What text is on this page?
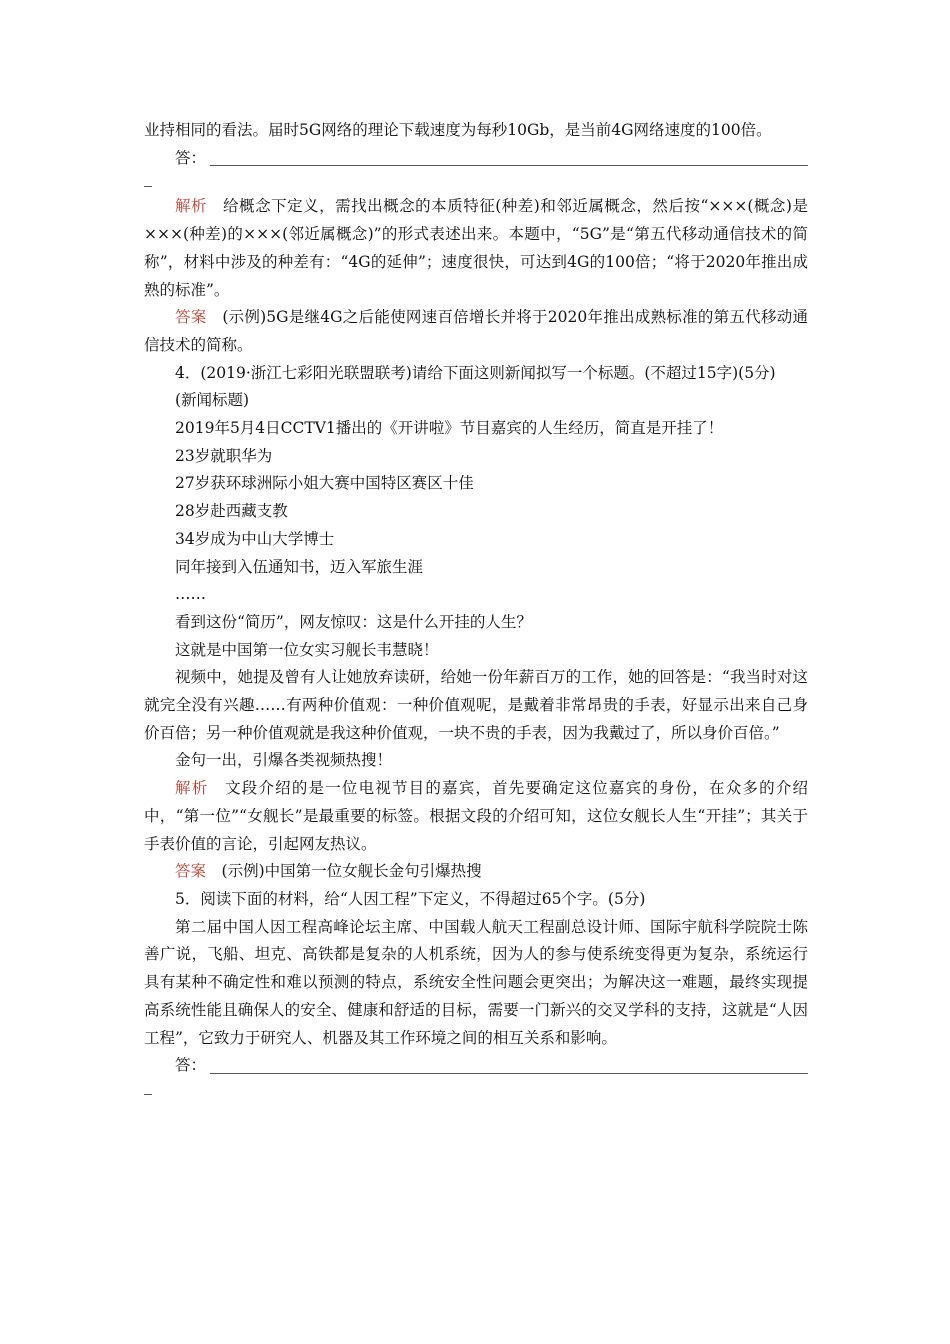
业持相同的看法。届时5G网络的理论下载速度为每秒10Gb，是当前4G网络速度的100倍。

答：

解析　 给概念下定义，需找出概念的本质特征(种差)和邻近属概念，然后按“×××(概念)是×××(种差)的×××(邻近属概念)”的形式表述出来。本题中，“5G”是“第五代移动通信技术的简称”，材料中涉及的种差有：“4G的延伸”；速度很快，可达到4G的100倍；“将于2020年推出成熟的标准”。

答案　 (示例)5G是继4G之后能使网速百倍增长并将于2020年推出成熟标准的第五代移动通信技术的简称。

4．(2019·浙江七彩阳光联盟联考)请给下面这则新闻拟写一个标题。(不超过15字)(5分)

(新闻标题)

2019年5月4日CCTV1播出的《开讲啦》节目嘉宾的人生经历，简直是开挂了！

23岁就职华为

27岁获环球洲际小姐大赛中国特区赛区十佳

28岁赴西藏支教

34岁成为中山大学博士

同年接到入伍通知书，迈入军旅生涯

……

看到这份“简历”，网友惊叹：这是什么开挂的人生？

这就是中国第一位女实习舰长韦慧晓！

视频中，她提及曾有人让她放弃读研，给她一份年薪百万的工作，她的回答是：“我当时对这就完全没有兴趣……有两种价值观：一种价值观呢，是戴着非常昂贵的手表，好显示出来自己身价百倍；另一种价值观就是我这种价值观，一块不贵的手表，因为我戴过了，所以身价百倍。”

金句一出，引爆各类视频热搜！

解析　 文段介绍的是一位电视节目的嘉宾，首先要确定这位嘉宾的身份，在众多的介绍中，“第一位”“女舰长”是最重要的标签。根据文段的介绍可知，这位女舰长人生“开挂”；其关于手表价值的言论，引起网友热议。

答案　 (示例)中国第一位女舰长金句引爆热搜

5．阅读下面的材料，给“人因工程”下定义，不得超过65个字。(5分)

第二届中国人因工程高峰论坛主席、中国载人航天工程副总设计师、国际宇航科学院院士陈善广说，飞船、坦克、高铁都是复杂的人机系统，因为人的参与使系统变得更为复杂，系统运行具有某种不确定性和难以预测的特点，系统安全性问题会更突出；为解决这一难题，最终实现提高系统性能且确保人的安全、健康和舒适的目标，需要一门新兴的交叉学科的支持，这就是“人因工程”，它致力于研究人、机器及其工作环境之间的相互关系和影响。

答：
